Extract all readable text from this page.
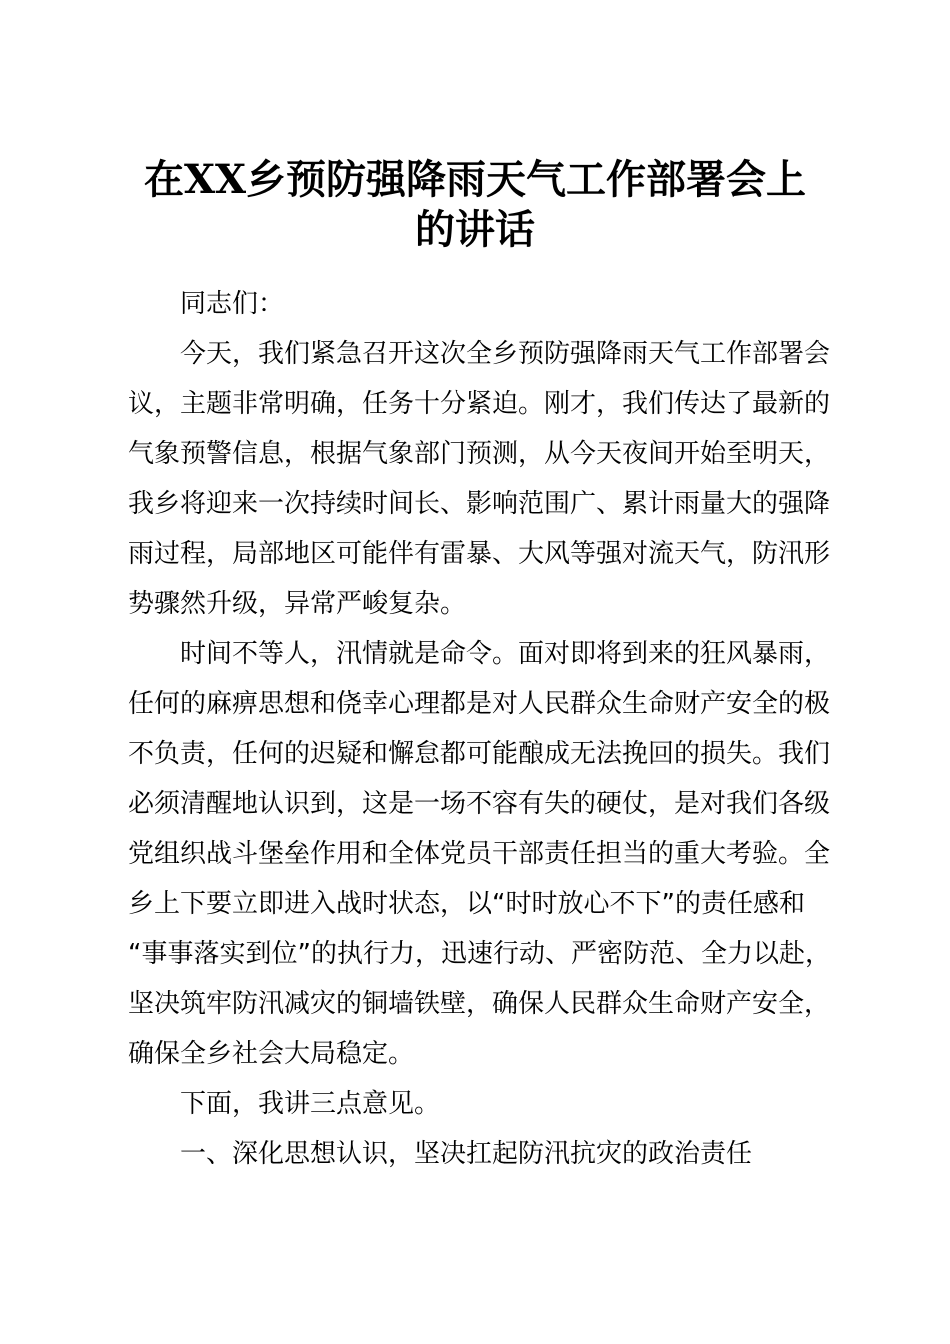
在XX乡预防强降雨天气工作部署会上
的讲话
同志们：
今天，我们紧急召开这次全乡预防强降雨天气工作部署会
议，主题非常明确，任务十分紧迫。刚才，我们传达了最新的
气象预警信息，根据气象部门预测，从今天夜间开始至明天，
我乡将迎来一次持续时间长、影响范围广、累计雨量大的强降
雨过程，局部地区可能伴有雷暴、大风等强对流天气，防汛形
势骤然升级，异常严峻复杂。
时间不等人，汛情就是命令。面对即将到来的狂风暴雨，
任何的麻痹思想和侥幸心理都是对人民群众生命财产安全的极
不负责，任何的迟疑和懈怠都可能酿成无法挽回的损失。我们
必须清醒地认识到，这是一场不容有失的硬仗，是对我们各级
党组织战斗堡垒作用和全体党员干部责任担当的重大考验。全
乡上下要立即进入战时状态，以“时时放心不下”的责任感和
“事事落实到位”的执行力，迅速行动、严密防范、全力以赴，
坚决筑牢防汛减灾的铜墙铁壁，确保人民群众生命财产安全，
确保全乡社会大局稳定。
下面，我讲三点意见。
一、深化思想认识，坚决扛起防汛抗灾的政治责任
